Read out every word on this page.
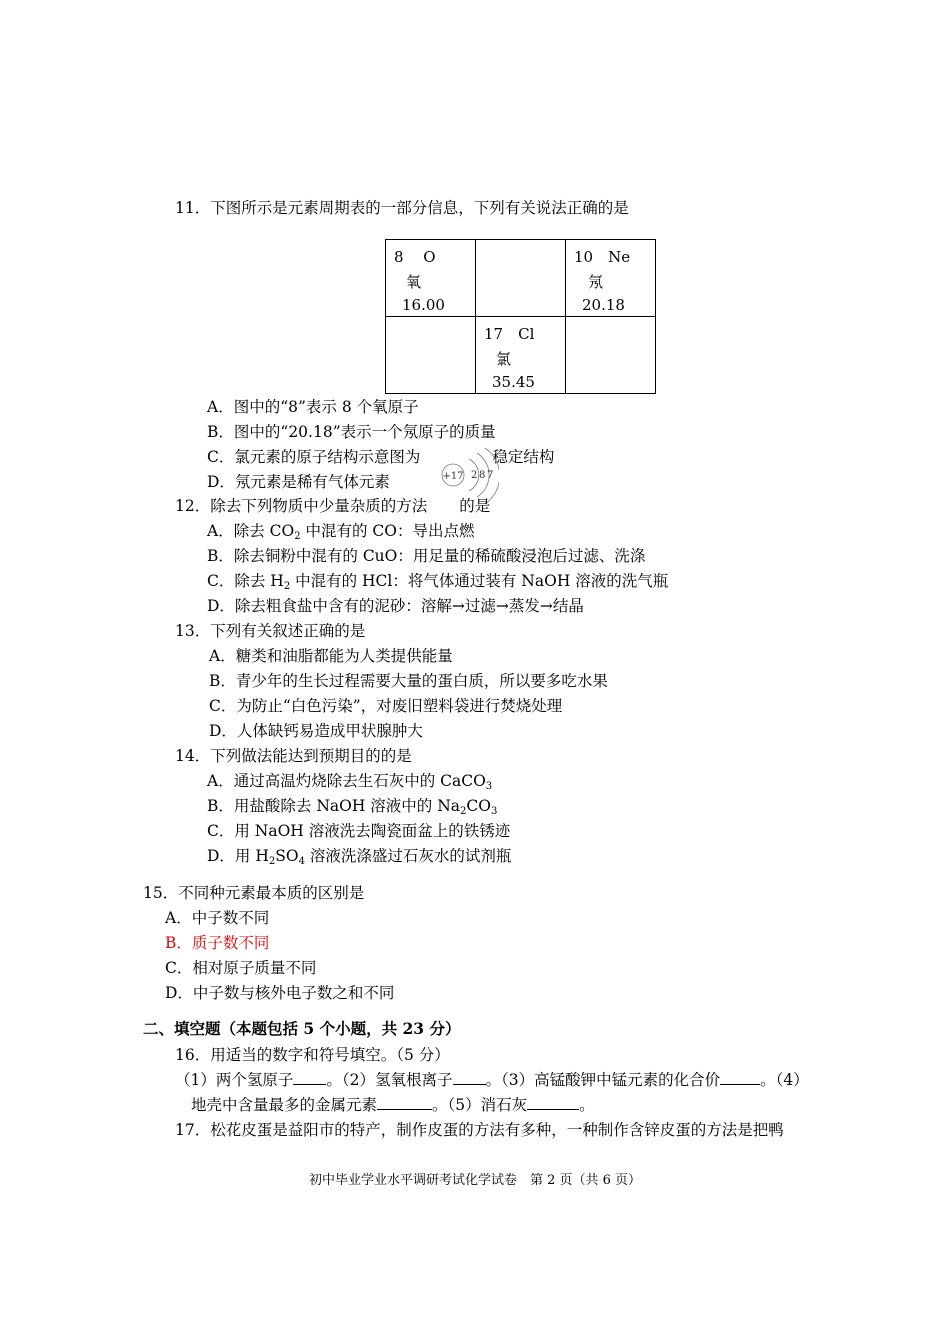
11．下图所示是元素周期表的一部分信息，下列有关说法正确的是
8　 O
氧
16.00		10　Ne
氖
20.18

	17　Cl
氯
35.45	

A．图中的“8”表示 8 个氧原子
B．图中的“20.18”表示一个氖原子的质量
C．氯元素的原子结构示意图为	稳定结构
D．氖元素是稀有气体元素	+17 2 8 7
12．除去下列物质中少量杂质的方法 的是
A．除去 $CO_2$ 中混有的 CO：导出点燃
B．除去铜粉中混有的 CuO：用足量的稀硫酸浸泡后过滤、洗涤
C．除去 $H_2$ 中混有的 HCl：将气体通过装有 NaOH 溶液的洗气瓶
D．除去粗食盐中含有的泥砂：溶解→过滤→蒸发→结晶
13．下列有关叙述正确的是
A．糖类和油脂都能为人类提供能量
B．青少年的生长过程需要大量的蛋白质，所以要多吃水果
C．为防止“白色污染”，对废旧塑料袋进行焚烧处理
D．人体缺钙易造成甲状腺肿大
14．下列做法能达到预期目的的是
A．通过高温灼烧除去生石灰中的 CaCO$_3$
B．用盐酸除去 NaOH 溶液中的 $Na_2CO_3$
C．用 NaOH 溶液洗去陶瓷面盆上的铁锈迹
D．用 $H_2SO_4$ 溶液洗涤盛过石灰水的试剂瓶
15．不同种元素最本质的区别是
A．中子数不同
B．质子数不同
C．相对原子质量不同
D．中子数与核外电子数之和不同
二、填空题（本题包括 5 个小题，共 23 分）
16．用适当的数字和符号填空。（5 分）
（1）两个氢原子 。（2）氢氧根离子 。（3）高锰酸钾中锰元素的化合价	。（4）
地壳中含量最多的金属元素	。（5）消石灰	。
17．松花皮蛋是益阳市的特产，制作皮蛋的方法有多种，一种制作含锌皮蛋的方法是把鸭
初中毕业学业水平调研考试化学试卷　第 2 页（共 6 页）
